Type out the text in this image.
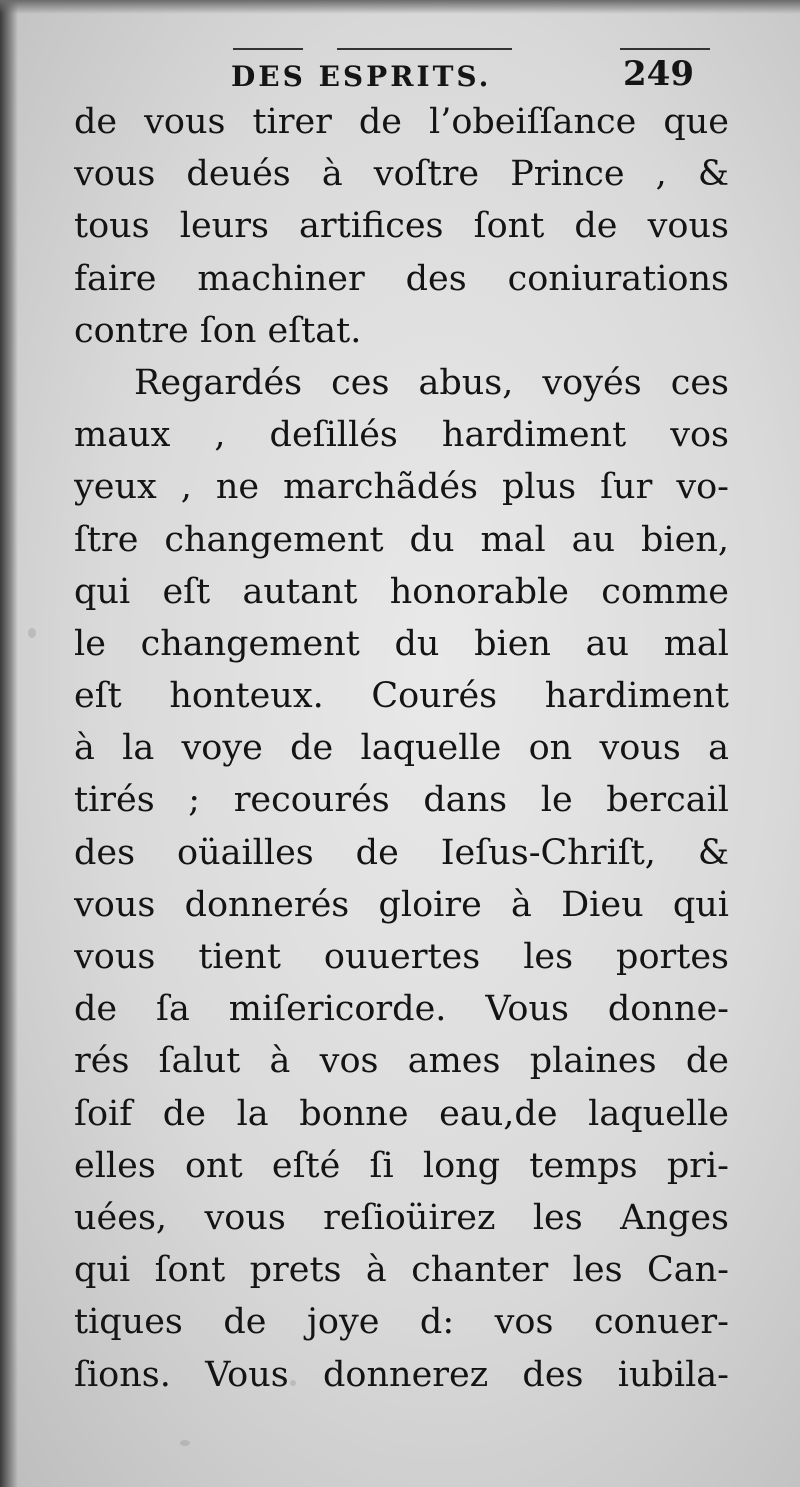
DES ESPRITS.	249
de vous tirer de l’obeiſſance que
vous deués à voſtre Prince , &
tous leurs artifices ſont de vous
faire machiner des coniurations
contre ſon eſtat.
Regardés ces abus, voyés ces
maux , deſillés hardiment vos
yeux , ne marchãdés plus ſur vo-
ſtre changement du mal au bien,
qui eſt autant honorable comme
le changement du bien au mal
eſt honteux. Courés hardiment
à la voye de laquelle on vous a
tirés ; recourés dans le bercail
des oüailles de Ieſus-Chriſt, &
vous donnerés gloire à Dieu qui
vous tient ouuertes les portes
de ſa miſericorde. Vous donne-
rés ſalut à vos ames plaines de
ſoif de la bonne eau,de laquelle
elles ont eſté ſi long temps pri-
uées, vous reſioüirez les Anges
qui ſont prets à chanter les Can-
tiques de joye d: vos conuer-
ſions. Vous donnerez des iubila-
